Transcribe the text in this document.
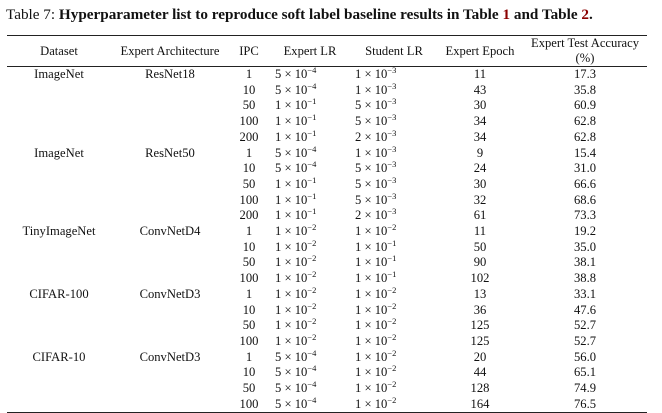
Table 7: Hyperparameter list to reproduce soft label baseline results in Table 1 and Table 2.
Dataset	Expert Architecture	IPC	Expert LR	Student LR	Expert Epoch	Expert Test Accuracy (%)
ImageNet	ResNet18	1	$5 \times 10^{-4}$	$1 \times 10^{-3}$	11	17.3
		10	$5 \times 10^{-4}$	$1 \times 10^{-3}$	43	35.8
		50	$1 \times 10^{-1}$	$5 \times 10^{-3}$	30	60.9
		100	$1 \times 10^{-1}$	$5 \times 10^{-3}$	34	62.8
		200	$1 \times 10^{-1}$	$2 \times 10^{-3}$	34	62.8
ImageNet	ResNet50	1	$5 \times 10^{-4}$	$1 \times 10^{-3}$	9	15.4
		10	$5 \times 10^{-4}$	$5 \times 10^{-3}$	24	31.0
		50	$1 \times 10^{-1}$	$5 \times 10^{-3}$	30	66.6
		100	$1 \times 10^{-1}$	$5 \times 10^{-3}$	32	68.6
		200	$1 \times 10^{-1}$	$2 \times 10^{-3}$	61	73.3
TinyImageNet	ConvNetD4	1	$1 \times 10^{-2}$	$1 \times 10^{-2}$	11	19.2
		10	$1 \times 10^{-2}$	$1 \times 10^{-1}$	50	35.0
		50	$1 \times 10^{-2}$	$1 \times 10^{-1}$	90	38.1
		100	$1 \times 10^{-2}$	$1 \times 10^{-1}$	102	38.8
CIFAR-100	ConvNetD3	1	$1 \times 10^{-2}$	$1 \times 10^{-2}$	13	33.1
		10	$1 \times 10^{-2}$	$1 \times 10^{-2}$	36	47.6
		50	$1 \times 10^{-2}$	$1 \times 10^{-2}$	125	52.7
		100	$1 \times 10^{-2}$	$1 \times 10^{-2}$	125	52.7
CIFAR-10	ConvNetD3	1	$5 \times 10^{-4}$	$1 \times 10^{-2}$	20	56.0
		10	$5 \times 10^{-4}$	$1 \times 10^{-2}$	44	65.1
		50	$5 \times 10^{-4}$	$1 \times 10^{-2}$	128	74.9
		100	$5 \times 10^{-4}$	$1 \times 10^{-2}$	164	76.5
